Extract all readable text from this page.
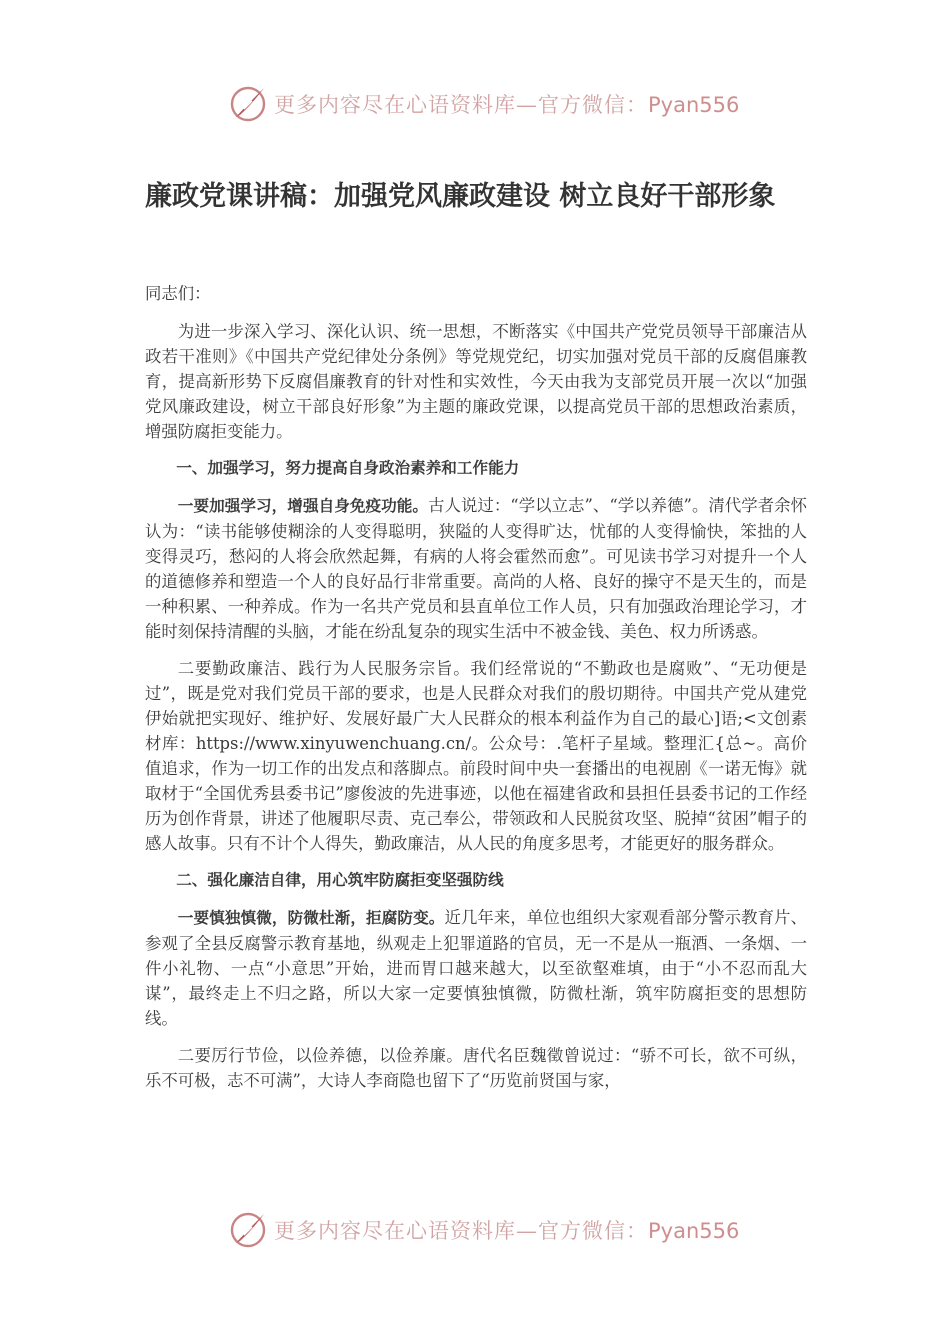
更多内容尽在心语资料库—官方微信：Pyan556
廉政党课讲稿：加强党风廉政建设 树立良好干部形象

同志们：

为进一步深入学习、深化认识、统一思想，不断落实《中国共产党党员领导干部廉洁从政若干准则》《中国共产党纪律处分条例》等党规党纪，切实加强对党员干部的反腐倡廉教育，提高新形势下反腐倡廉教育的针对性和实效性，今天由我为支部党员开展一次以“加强党风廉政建设，树立干部良好形象”为主题的廉政党课，以提高党员干部的思想政治素质，增强防腐拒变能力。

一、加强学习，努力提高自身政治素养和工作能力

一要加强学习，增强自身免疫功能。古人说过：“学以立志”、“学以养德”。清代学者余怀认为：“读书能够使糊涂的人变得聪明，狭隘的人变得旷达，忧郁的人变得愉快，笨拙的人变得灵巧，愁闷的人将会欣然起舞，有病的人将会霍然而愈”。可见读书学习对提升一个人的道德修养和塑造一个人的良好品行非常重要。高尚的人格、良好的操守不是天生的，而是一种积累、一种养成。作为一名共产党员和县直单位工作人员，只有加强政治理论学习，才能时刻保持清醒的头脑，才能在纷乱复杂的现实生活中不被金钱、美色、权力所诱惑。

二要勤政廉洁、践行为人民服务宗旨。我们经常说的“不勤政也是腐败”、“无功便是过”，既是党对我们党员干部的要求，也是人民群众对我们的殷切期待。中国共产党从建党伊始就把实现好、维护好、发展好最广大人民群众的根本利益作为自己的最心]语;<文创素材库：https://www.xinyuwenchuang.cn/。公众号：.笔杆子星域。整理汇{总~。高价值追求，作为一切工作的出发点和落脚点。前段时间中央一套播出的电视剧《一诺无悔》就取材于“全国优秀县委书记”廖俊波的先进事迹，以他在福建省政和县担任县委书记的工作经历为创作背景，讲述了他履职尽责、克己奉公，带领政和人民脱贫攻坚、脱掉“贫困”帽子的感人故事。只有不计个人得失，勤政廉洁，从人民的角度多思考，才能更好的服务群众。

二、强化廉洁自律，用心筑牢防腐拒变坚强防线

一要慎独慎微，防微杜渐，拒腐防变。近几年来，单位也组织大家观看部分警示教育片、参观了全县反腐警示教育基地，纵观走上犯罪道路的官员，无一不是从一瓶酒、一条烟、一件小礼物、一点“小意思”开始，进而胃口越来越大，以至欲壑难填，由于“小不忍而乱大谋”，最终走上不归之路，所以大家一定要慎独慎微，防微杜渐，筑牢防腐拒变的思想防线。

二要厉行节俭，以俭养德，以俭养廉。唐代名臣魏徵曾说过：“骄不可长，欲不可纵，乐不可极，志不可满”，大诗人李商隐也留下了“历览前贤国与家，

更多内容尽在心语资料库—官方微信：Pyan556
